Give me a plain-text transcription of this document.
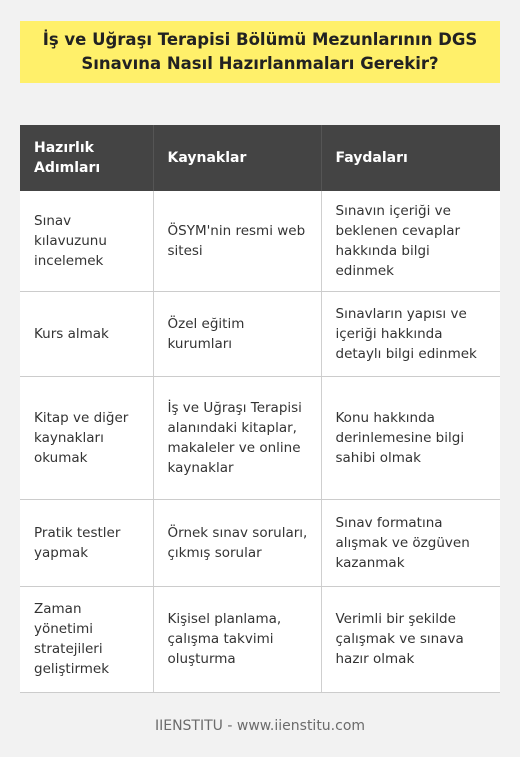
İş ve Uğraşı Terapisi Bölümü Mezunlarının DGS Sınavına Nasıl Hazırlanmaları Gerekir?
Hazırlık Adımları	Kaynaklar	Faydaları
Sınav kılavuzunu incelemek	ÖSYM'nin resmi web sitesi	Sınavın içeriği ve beklenen cevaplar hakkında bilgi edinmek
Kurs almak	Özel eğitim kurumları	Sınavların yapısı ve içeriği hakkında detaylı bilgi edinmek
Kitap ve diğer kaynakları okumak	İş ve Uğraşı Terapisi alanındaki kitaplar, makaleler ve online kaynaklar	Konu hakkında derinlemesine bilgi sahibi olmak
Pratik testler yapmak	Örnek sınav soruları, çıkmış sorular	Sınav formatına alışmak ve özgüven kazanmak
Zaman yönetimi stratejileri geliştirmek	Kişisel planlama, çalışma takvimi oluşturma	Verimli bir şekilde çalışmak ve sınava hazır olmak
IIENSTITU - www.iienstitu.com
